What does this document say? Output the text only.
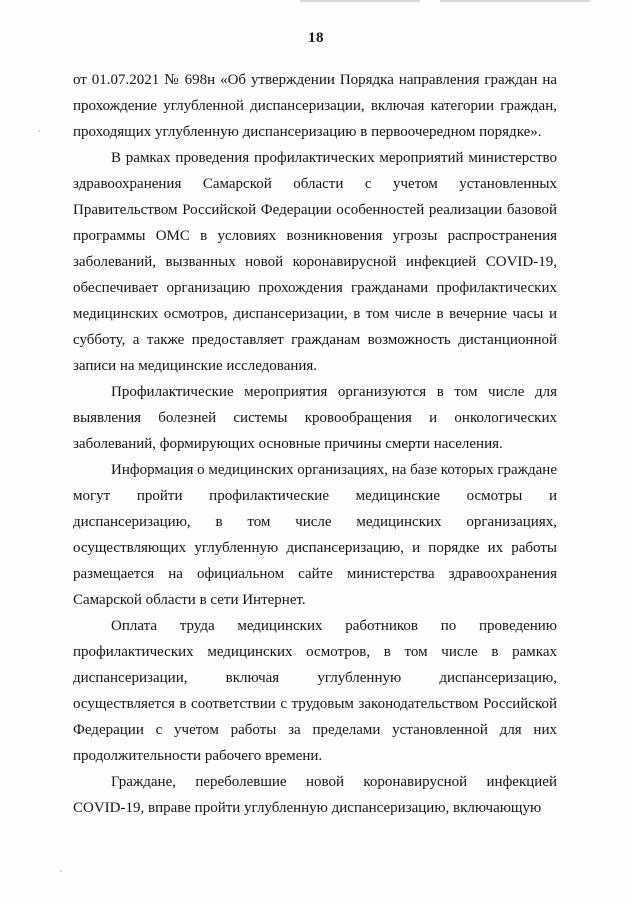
18
от 01.07.2021 № 698н «Об утверждении Порядка направления граждан на
прохождение углубленной диспансеризации, включая категории граждан,
проходящих углубленную диспансеризацию в первоочередном порядке».
В рамках проведения профилактических мероприятий министерство
здравоохранения Самарской области с учетом установленных
Правительством Российской Федерации особенностей реализации базовой
программы ОМС в условиях возникновения угрозы распространения
заболеваний, вызванных новой коронавирусной инфекцией COVID-19,
обеспечивает организацию прохождения гражданами профилактических
медицинских осмотров, диспансеризации, в том числе в вечерние часы и
субботу, а также предоставляет гражданам возможность дистанционной
записи на медицинские исследования.
Профилактические мероприятия организуются в том числе для
выявления болезней системы кровообращения и онкологических
заболеваний, формирующих основные причины смерти населения.
Информация о медицинских организациях, на базе которых граждане
могут пройти профилактические медицинские осмотры и
диспансеризацию, в том числе медицинских организациях,
осуществляющих углубленную диспансеризацию, и порядке их работы
размещается на официальном сайте министерства здравоохранения
Самарской области в сети Интернет.
Оплата труда медицинских работников по проведению
профилактических медицинских осмотров, в том числе в рамках
диспансеризации, включая углубленную диспансеризацию,
осуществляется в соответствии с трудовым законодательством Российской
Федерации с учетом работы за пределами установленной для них
продолжительности рабочего времени.
Граждане, переболевшие новой коронавирусной инфекцией
COVID-19, вправе пройти углубленную диспансеризацию, включающую
